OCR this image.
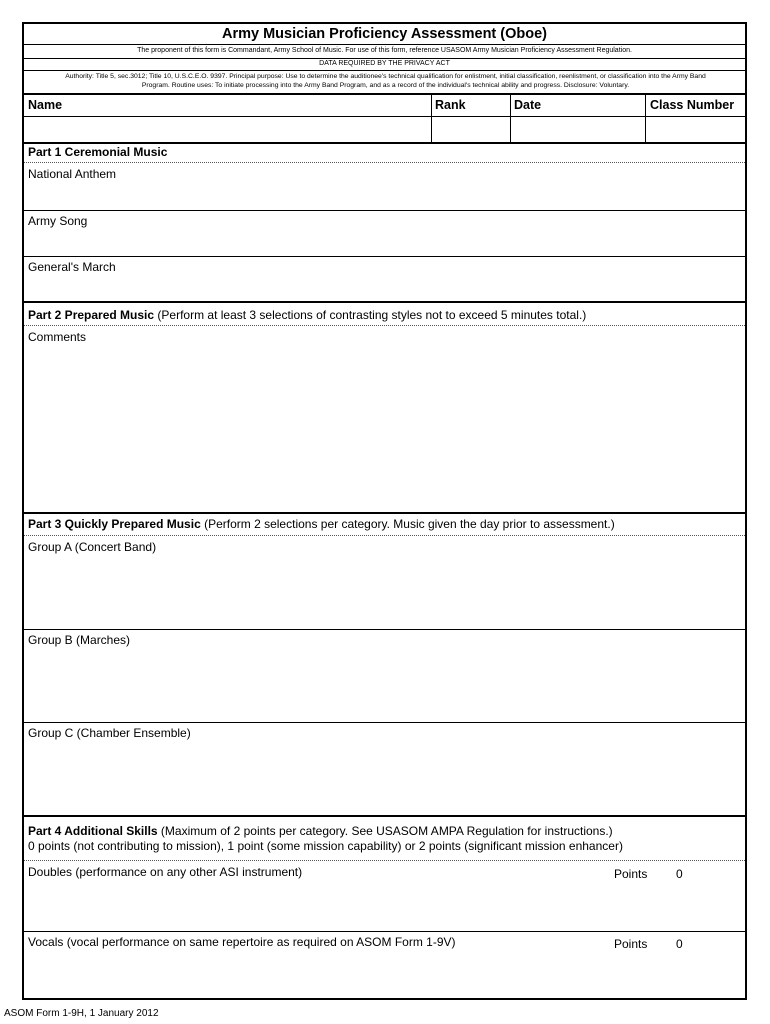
Army Musician Proficiency Assessment (Oboe)
The proponent of this form is Commandant, Army School of Music. For use of this form, reference USASOM Army Musician Proficiency Assessment Regulation.
DATA REQUIRED BY THE PRIVACY ACT
Authority: Title 5, sec.3012; Title 10, U.S.C.E.O. 9397. Principal purpose: Use to determine the auditionee's technical qualification for enlistment, initial classification, reenlistment, or classification into the Army Band
Program. Routine uses: To initiate processing into the Army Band Program, and as a record of the individual's technical ability and progress. Disclosure: Voluntary.
Name	Rank	Date	Class Number
Part 1 Ceremonial Music
National Anthem
Army Song
General's March
Part 2 Prepared Music (Perform at least 3 selections of contrasting styles not to exceed 5 minutes total.)
Comments
Part 3 Quickly Prepared Music (Perform 2 selections per category. Music given the day prior to assessment.)
Group A (Concert Band)
Group B (Marches)
Group C (Chamber Ensemble)
Part 4 Additional Skills (Maximum of 2 points per category. See USASOM AMPA Regulation for instructions.)
0 points (not contributing to mission), 1 point (some mission capability) or 2 points (significant mission enhancer)
Doubles (performance on any other ASI instrument)	Points 0
Vocals (vocal performance on same repertoire as required on ASOM Form 1-9V)	Points 0
ASOM Form 1-9H, 1 January 2012
